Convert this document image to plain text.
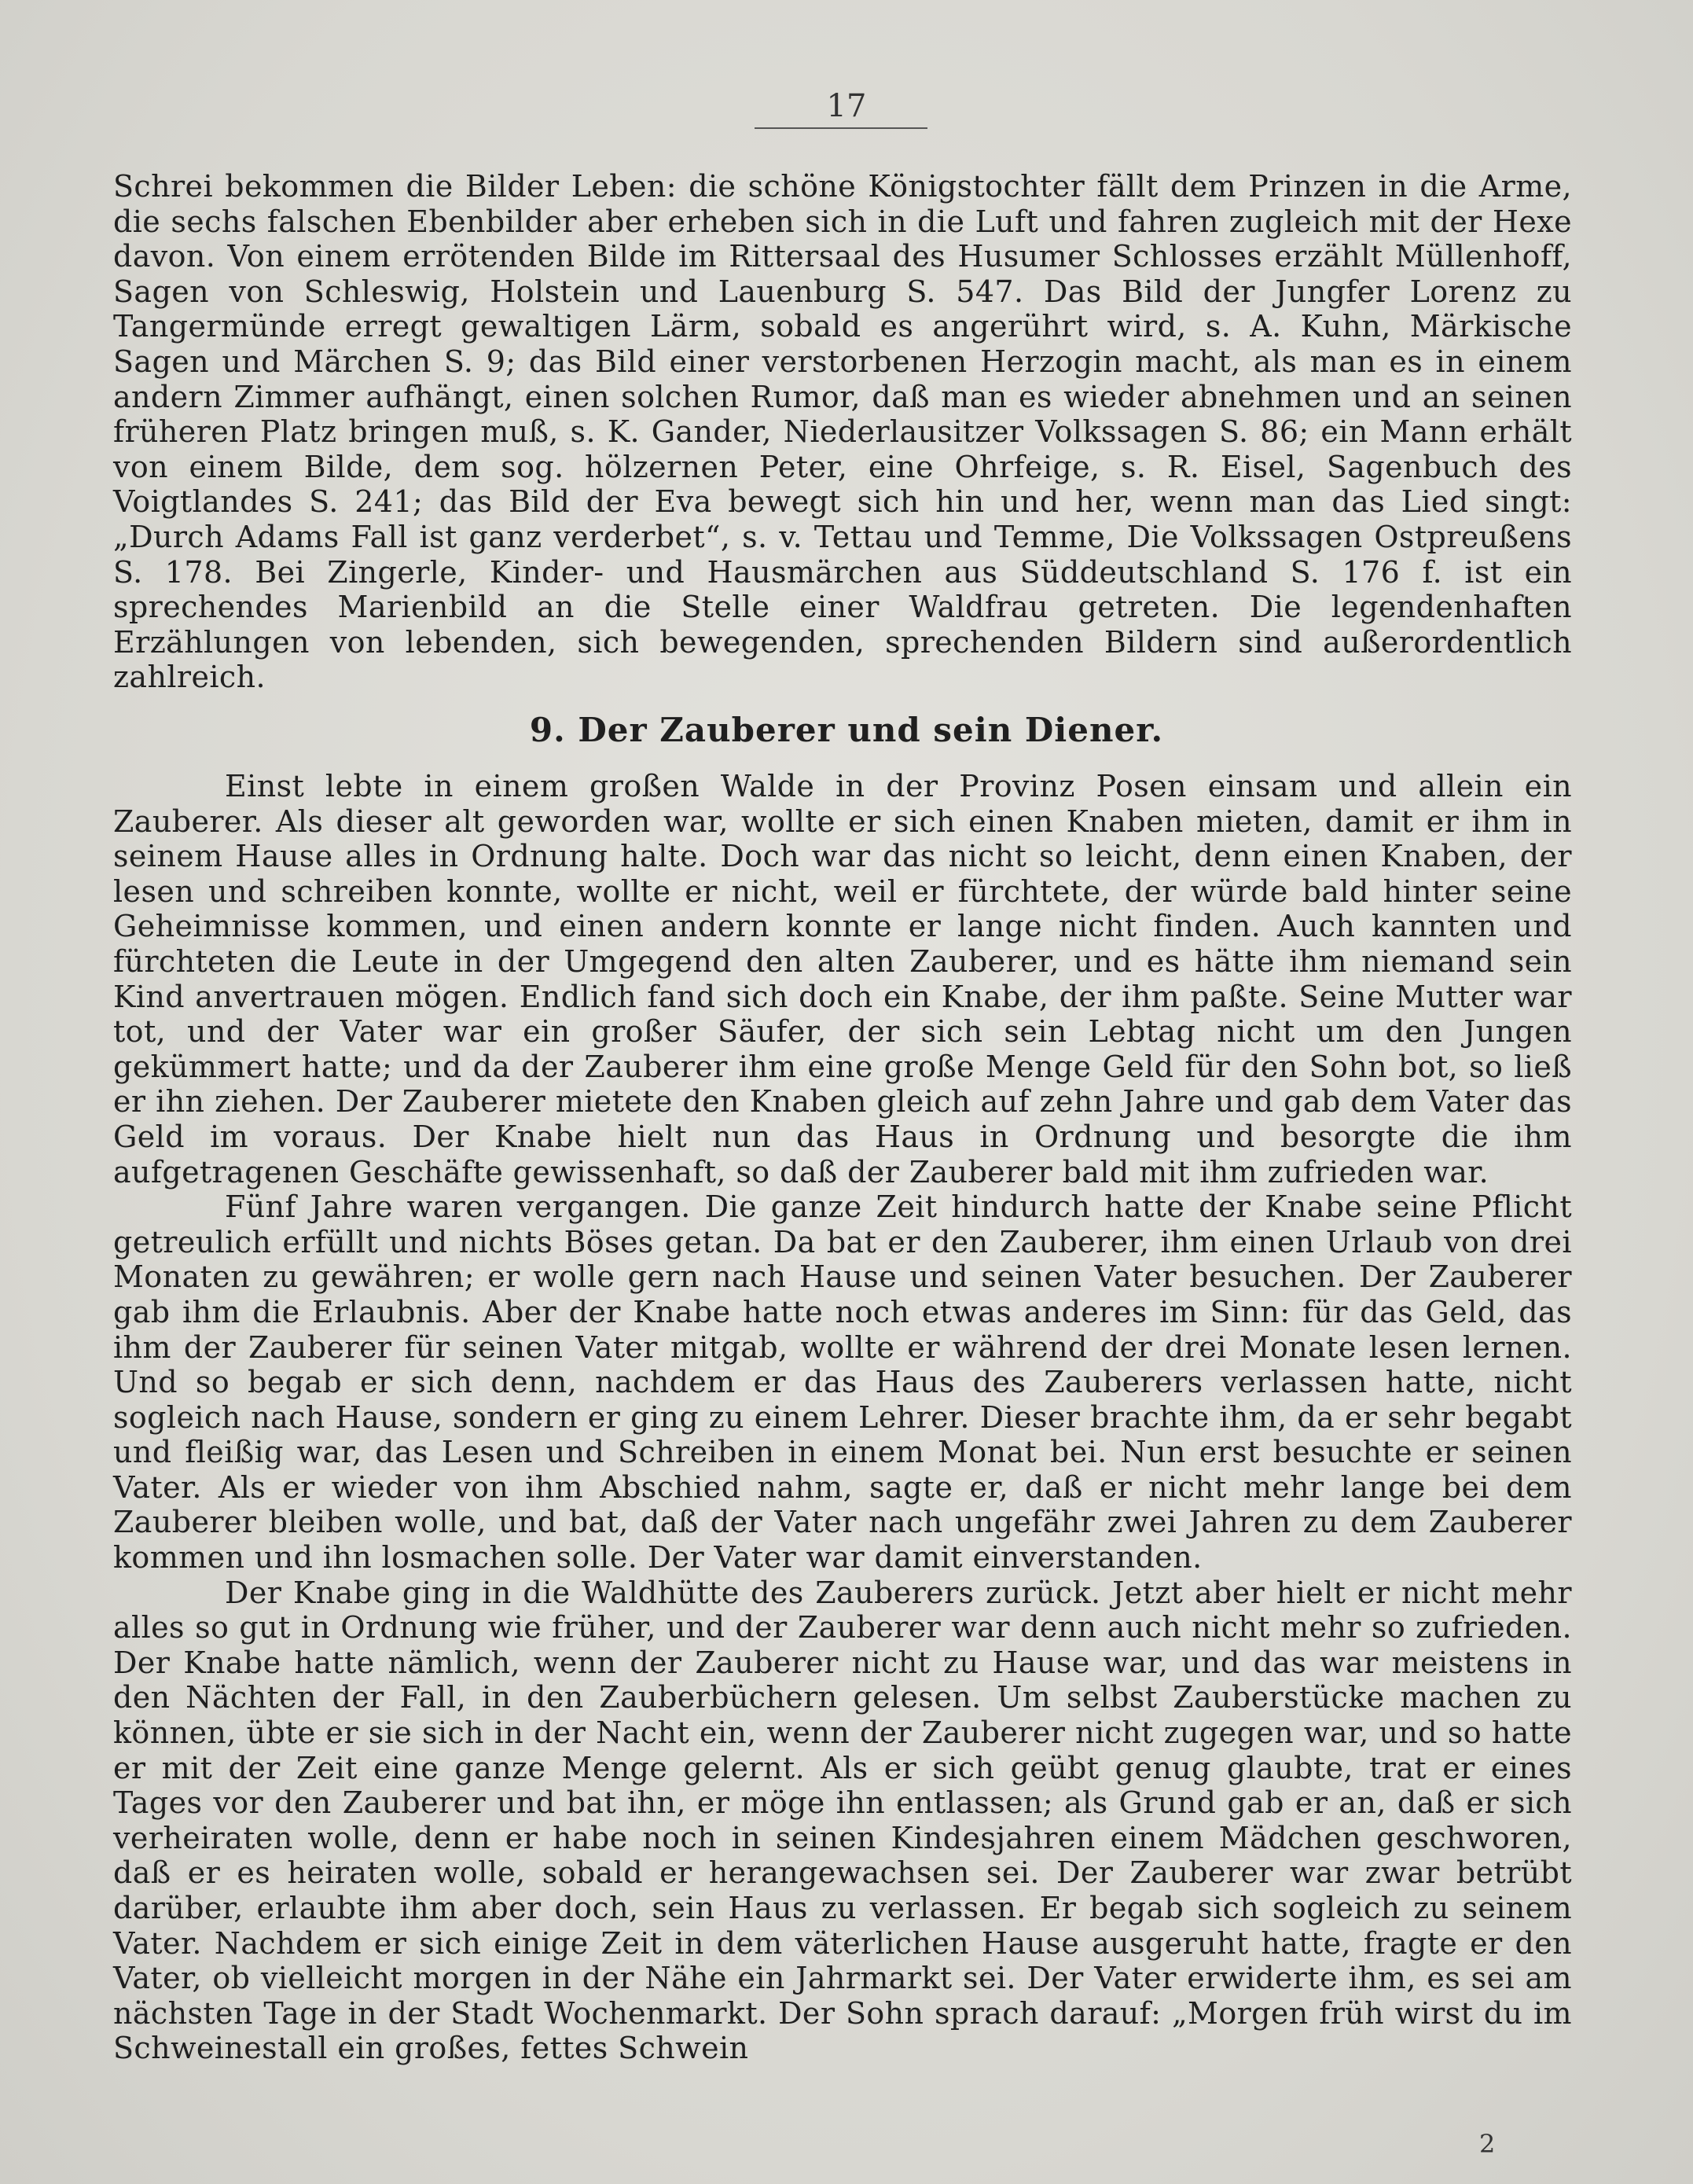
17

Schrei bekommen die Bilder Leben: die schöne Königstochter fällt dem Prinzen in die Arme, die sechs falschen Ebenbilder aber erheben sich in die Luft und fahren zugleich mit der Hexe davon. Von einem errötenden Bilde im Rittersaal des Husumer Schlosses erzählt Müllenhoff, Sagen von Schleswig, Holstein und Lauenburg S. 547. Das Bild der Jungfer Lorenz zu Tangermünde erregt gewaltigen Lärm, sobald es angerührt wird, s. A. Kuhn, Märkische Sagen und Märchen S. 9; das Bild einer verstorbenen Herzogin macht, als man es in einem andern Zimmer aufhängt, einen solchen Rumor, daß man es wieder abnehmen und an seinen früheren Platz bringen muß, s. K. Gander, Niederlausitzer Volkssagen S. 86; ein Mann erhält von einem Bilde, dem sog. hölzernen Peter, eine Ohrfeige, s. R. Eisel, Sagenbuch des Voigtlandes S. 241; das Bild der Eva bewegt sich hin und her, wenn man das Lied singt: „Durch Adams Fall ist ganz verderbet“, s. v. Tettau und Temme, Die Volkssagen Ostpreußens S. 178. Bei Zingerle, Kinder- und Hausmärchen aus Süddeutschland S. 176 f. ist ein sprechendes Marienbild an die Stelle einer Waldfrau getreten. Die legendenhaften Erzählungen von lebenden, sich bewegenden, sprechenden Bildern sind außerordentlich zahlreich.

9. Der Zauberer und sein Diener.

Einst lebte in einem großen Walde in der Provinz Posen einsam und allein ein Zauberer. Als dieser alt geworden war, wollte er sich einen Knaben mieten, damit er ihm in seinem Hause alles in Ordnung halte. Doch war das nicht so leicht, denn einen Knaben, der lesen und schreiben konnte, wollte er nicht, weil er fürchtete, der würde bald hinter seine Geheimnisse kommen, und einen andern konnte er lange nicht finden. Auch kannten und fürchteten die Leute in der Umgegend den alten Zauberer, und es hätte ihm niemand sein Kind anvertrauen mögen. Endlich fand sich doch ein Knabe, der ihm paßte. Seine Mutter war tot, und der Vater war ein großer Säufer, der sich sein Lebtag nicht um den Jungen gekümmert hatte; und da der Zauberer ihm eine große Menge Geld für den Sohn bot, so ließ er ihn ziehen. Der Zauberer mietete den Knaben gleich auf zehn Jahre und gab dem Vater das Geld im voraus. Der Knabe hielt nun das Haus in Ordnung und besorgte die ihm aufgetragenen Geschäfte gewissenhaft, so daß der Zauberer bald mit ihm zufrieden war.

Fünf Jahre waren vergangen. Die ganze Zeit hindurch hatte der Knabe seine Pflicht getreulich erfüllt und nichts Böses getan. Da bat er den Zauberer, ihm einen Urlaub von drei Monaten zu gewähren; er wolle gern nach Hause und seinen Vater besuchen. Der Zauberer gab ihm die Erlaubnis. Aber der Knabe hatte noch etwas anderes im Sinn: für das Geld, das ihm der Zauberer für seinen Vater mitgab, wollte er während der drei Monate lesen lernen. Und so begab er sich denn, nachdem er das Haus des Zauberers verlassen hatte, nicht sogleich nach Hause, sondern er ging zu einem Lehrer. Dieser brachte ihm, da er sehr begabt und fleißig war, das Lesen und Schreiben in einem Monat bei. Nun erst besuchte er seinen Vater. Als er wieder von ihm Abschied nahm, sagte er, daß er nicht mehr lange bei dem Zauberer bleiben wolle, und bat, daß der Vater nach ungefähr zwei Jahren zu dem Zauberer kommen und ihn losmachen solle. Der Vater war damit einverstanden.

Der Knabe ging in die Waldhütte des Zauberers zurück. Jetzt aber hielt er nicht mehr alles so gut in Ordnung wie früher, und der Zauberer war denn auch nicht mehr so zufrieden. Der Knabe hatte nämlich, wenn der Zauberer nicht zu Hause war, und das war meistens in den Nächten der Fall, in den Zauberbüchern gelesen. Um selbst Zauberstücke machen zu können, übte er sie sich in der Nacht ein, wenn der Zauberer nicht zugegen war, und so hatte er mit der Zeit eine ganze Menge gelernt. Als er sich geübt genug glaubte, trat er eines Tages vor den Zauberer und bat ihn, er möge ihn entlassen; als Grund gab er an, daß er sich verheiraten wolle, denn er habe noch in seinen Kindesjahren einem Mädchen geschworen, daß er es heiraten wolle, sobald er herangewachsen sei. Der Zauberer war zwar betrübt darüber, erlaubte ihm aber doch, sein Haus zu verlassen. Er begab sich sogleich zu seinem Vater. Nachdem er sich einige Zeit in dem väterlichen Hause ausgeruht hatte, fragte er den Vater, ob vielleicht morgen in der Nähe ein Jahrmarkt sei. Der Vater erwiderte ihm, es sei am nächsten Tage in der Stadt Wochenmarkt. Der Sohn sprach darauf: „Morgen früh wirst du im Schweinestall ein großes, fettes Schwein

2
